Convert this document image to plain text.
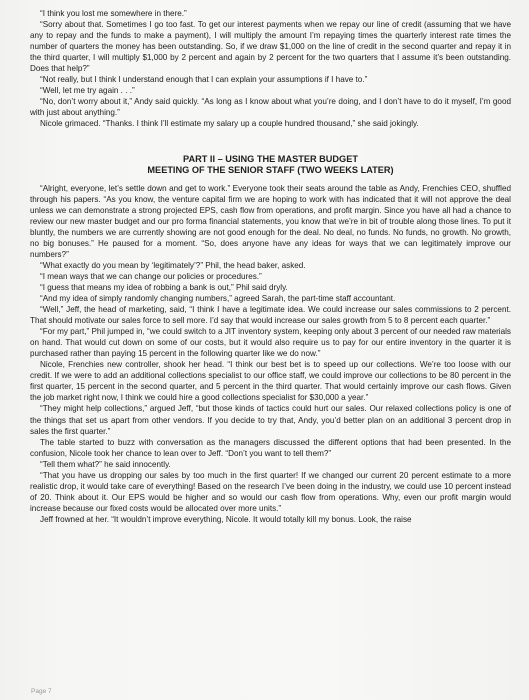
“I think you lost me somewhere in there.”

“Sorry about that. Sometimes I go too fast. To get our interest payments when we repay our line of credit (assuming that we have any to repay and the funds to make a payment), I will multiply the amount I’m repaying times the quarterly interest rate times the number of quarters the money has been outstanding. So, if we draw $1,000 on the line of credit in the second quarter and repay it in the third quarter, I will multiply $1,000 by 2 percent and again by 2 percent for the two quarters that I assume it’s been outstanding. Does that help?”

“Not really, but I think I understand enough that I can explain your assumptions if I have to.”

“Well, let me try again . . .”

“No, don’t worry about it,” Andy said quickly. “As long as I know about what you’re doing, and I don’t have to do it myself, I’m good with just about anything.”

Nicole grimaced. “Thanks. I think I’ll estimate my salary up a couple hundred thousand,” she said jokingly.

PART II – USING THE MASTER BUDGET
MEETING OF THE SENIOR STAFF (TWO WEEKS LATER)

“Alright, everyone, let’s settle down and get to work.” Everyone took their seats around the table as Andy, Frenchies CEO, shuffled through his papers. “As you know, the venture capital firm we are hoping to work with has indicated that it will not approve the deal unless we can demonstrate a strong projected EPS, cash flow from operations, and profit margin. Since you have all had a chance to review our new master budget and our pro forma financial statements, you know that we’re in bit of trouble along those lines. To put it bluntly, the numbers we are currently showing are not good enough for the deal. No deal, no funds. No funds, no growth. No growth, no big bonuses.” He paused for a moment. “So, does anyone have any ideas for ways that we can legitimately improve our numbers?”

“What exactly do you mean by ‘legitimately’?” Phil, the head baker, asked.

“I mean ways that we can change our policies or procedures.”

“I guess that means my idea of robbing a bank is out,” Phil said dryly.

“And my idea of simply randomly changing numbers,” agreed Sarah, the part-time staff accountant.

“Well,” Jeff, the head of marketing, said, “I think I have a legitimate idea. We could increase our sales commissions to 2 percent. That should motivate our sales force to sell more. I’d say that would increase our sales growth from 5 to 8 percent each quarter.”

“For my part,” Phil jumped in, “we could switch to a JIT inventory system, keeping only about 3 percent of our needed raw materials on hand. That would cut down on some of our costs, but it would also require us to pay for our entire inventory in the quarter it is purchased rather than paying 15 percent in the following quarter like we do now.”

Nicole, Frenchies new controller, shook her head. “I think our best bet is to speed up our collections. We’re too loose with our credit. If we were to add an additional collections specialist to our office staff, we could improve our collections to be 80 percent in the first quarter, 15 percent in the second quarter, and 5 percent in the third quarter. That would certainly improve our cash flows. Given the job market right now, I think we could hire a good collections specialist for $30,000 a year.”

“They might help collections,” argued Jeff, “but those kinds of tactics could hurt our sales. Our relaxed collections policy is one of the things that set us apart from other vendors. If you decide to try that, Andy, you’d better plan on an additional 3 percent drop in sales the first quarter.”

The table started to buzz with conversation as the managers discussed the different options that had been presented. In the confusion, Nicole took her chance to lean over to Jeff. “Don’t you want to tell them?”

“Tell them what?” he said innocently.

“That you have us dropping our sales by too much in the first quarter! If we changed our current 20 percent estimate to a more realistic drop, it would take care of everything! Based on the research I’ve been doing in the industry, we could use 10 percent instead of 20. Think about it. Our EPS would be higher and so would our cash flow from operations. Why, even our profit margin would increase because our fixed costs would be allocated over more units.”

Jeff frowned at her. “It wouldn’t improve everything, Nicole. It would totally kill my bonus. Look, the raise

Page 7
